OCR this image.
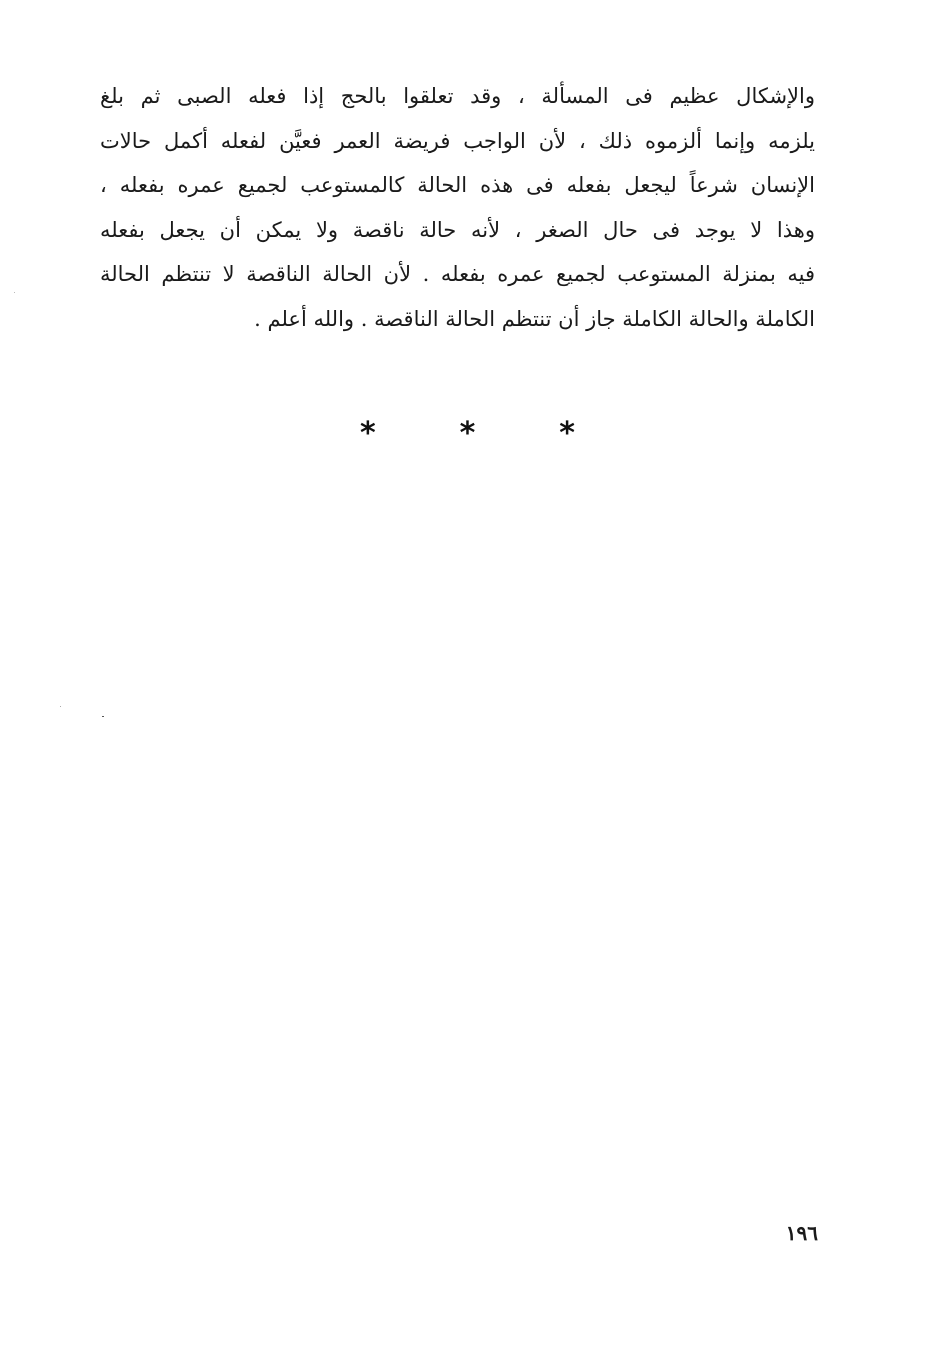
والإشكال عظيم فى المسألة ، وقد تعلقوا بالحج إذا فعله الصبى ثم بلغ
يلزمه وإنما ألزموه ذلك ، لأن الواجب فريضة العمر فعيَّن لفعله أكمل حالات
الإنسان شرعاً ليجعل بفعله فى هذه الحالة كالمستوعب لجميع عمره بفعله ،
وهذا لا يوجد فى حال الصغر ، لأنه حالة ناقصة ولا يمكن أن يجعل بفعله
فيه بمنزلة المستوعب لجميع عمره بفعله . لأن الحالة الناقصة لا تنتظم الحالة
الكاملة والحالة الكاملة جاز أن تنتظم الحالة الناقصة . والله أعلم .
*	*	*
١٩٦
